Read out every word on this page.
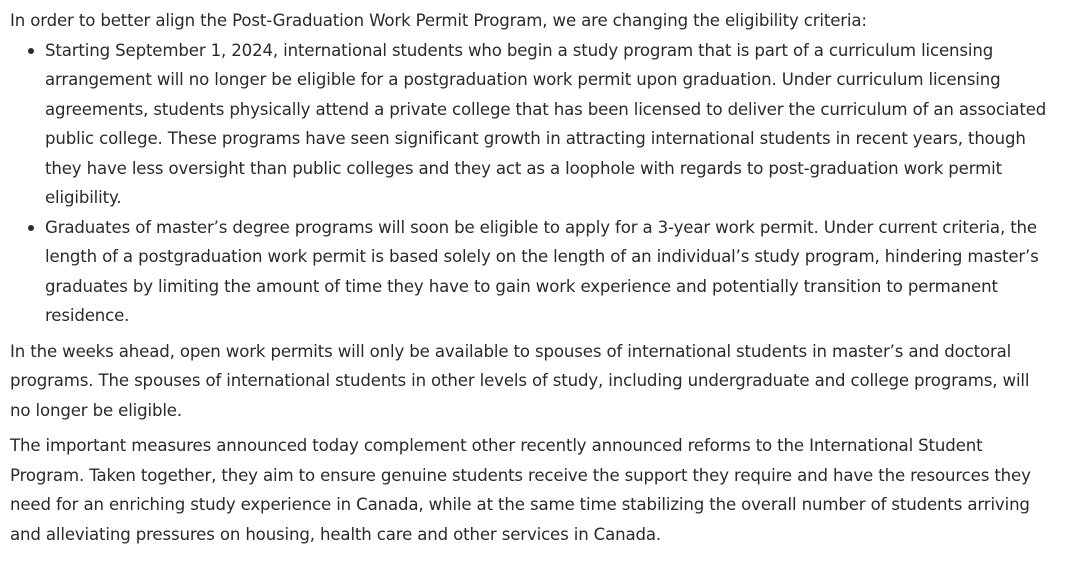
In order to better align the Post-Graduation Work Permit Program, we are changing the eligibility criteria:

Starting September 1, 2024, international students who begin a study program that is part of a curriculum licensing arrangement will no longer be eligible for a postgraduation work permit upon graduation. Under curriculum licensing agreements, students physically attend a private college that has been licensed to deliver the curriculum of an associated public college. These programs have seen significant growth in attracting international students in recent years, though they have less oversight than public colleges and they act as a loophole with regards to post-graduation work permit eligibility.
Graduates of master’s degree programs will soon be eligible to apply for a 3-year work permit. Under current criteria, the length of a postgraduation work permit is based solely on the length of an individual’s study program, hindering master’s graduates by limiting the amount of time they have to gain work experience and potentially transition to permanent residence.

In the weeks ahead, open work permits will only be available to spouses of international students in master’s and doctoral programs. The spouses of international students in other levels of study, including undergraduate and college programs, will no longer be eligible.

The important measures announced today complement other recently announced reforms to the International Student Program. Taken together, they aim to ensure genuine students receive the support they require and have the resources they need for an enriching study experience in Canada, while at the same time stabilizing the overall number of students arriving and alleviating pressures on housing, health care and other services in Canada.
